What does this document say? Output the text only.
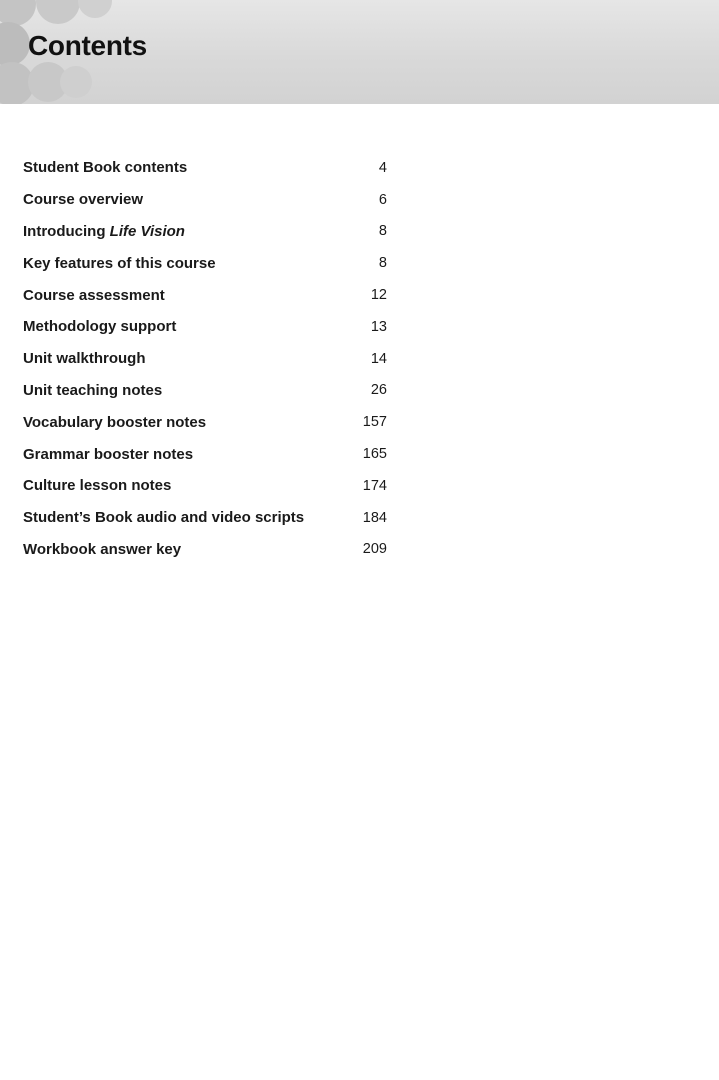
Contents
Student Book contents	4
Course overview	6
Introducing Life Vision	8
Key features of this course	8
Course assessment	12
Methodology support	13
Unit walkthrough	14
Unit teaching notes	26
Vocabulary booster notes	157
Grammar booster notes	165
Culture lesson notes	174
Student’s Book audio and video scripts	184
Workbook answer key	209
